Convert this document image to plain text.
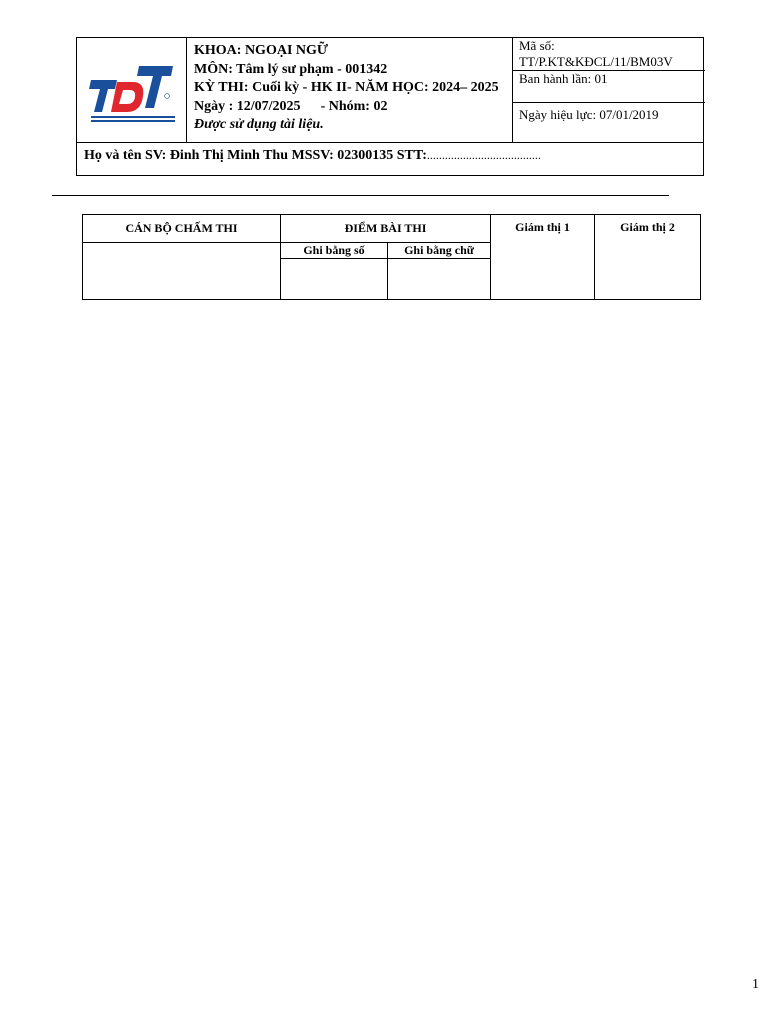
KHOA: NGOẠI NGỮ
MÔN: Tâm lý sư phạm - 001342
KỲ THI: Cuối kỳ - HK II- NĂM HỌC: 2024– 2025
Ngày : 12/07/2025 - Nhóm: 02
Được sử dụng tài liệu.
Mã số:
TT/P.KT&KĐCL/11/BM03V
Ban hành lần: 01
Ngày hiệu lực: 07/01/2019
Họ và tên SV: Đinh Thị Minh Thu MSSV: 02300135 STT:......................................
CÁN BỘ CHẤM THI	ĐIỂM BÀI THI		Giám thị 1	Giám thị 2
	Ghi bằng số	Ghi bằng chữ		

1
